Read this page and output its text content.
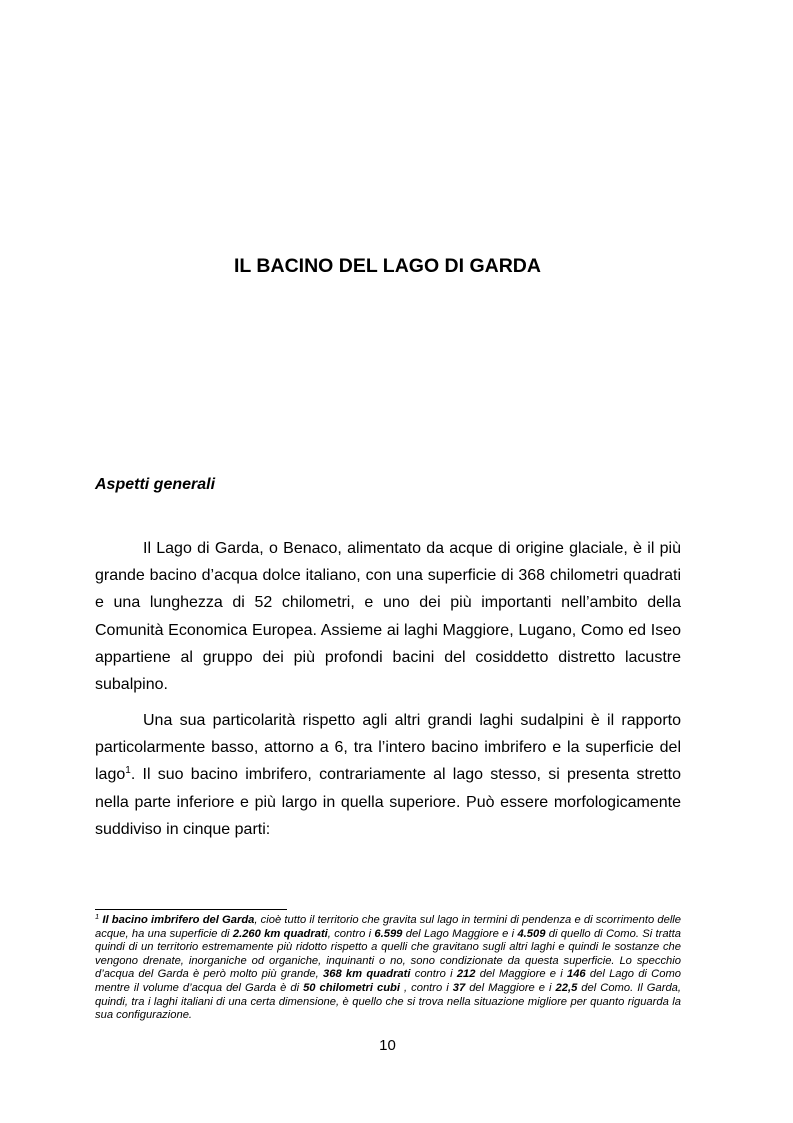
IL BACINO DEL LAGO DI GARDA
Aspetti generali

Il Lago di Garda, o Benaco, alimentato da acque di origine glaciale, è il più grande bacino d’acqua dolce italiano, con una superficie di 368 chilometri quadrati e una lunghezza di 52 chilometri, e uno dei più importanti nell’ambito della Comunità Economica Europea. Assieme ai laghi Maggiore, Lugano, Como ed Iseo appartiene al gruppo dei più profondi bacini del cosiddetto distretto lacustre subalpino.

Una sua particolarità rispetto agli altri grandi laghi sudalpini è il rapporto particolarmente basso, attorno a 6, tra l’intero bacino imbrifero e la superficie del lago$^1$. Il suo bacino imbrifero, contrariamente al lago stesso, si presenta stretto nella parte inferiore e più largo in quella superiore. Può essere morfologicamente suddiviso in cinque parti:

$^1$ Il bacino imbrifero del Garda, cioè tutto il territorio che gravita sul lago in termini di pendenza e di scorrimento delle acque, ha una superficie di 2.260 km quadrati, contro i 6.599 del Lago Maggiore e i 4.509 di quello di Como. Si tratta quindi di un territorio estremamente più ridotto rispetto a quelli che gravitano sugli altri laghi e quindi le sostanze che vengono drenate, inorganiche od organiche, inquinanti o no, sono condizionate da questa superficie. Lo specchio d’acqua del Garda è però molto più grande, 368 km quadrati contro i 212 del Maggiore e i 146 del Lago di Como mentre il volume d’acqua del Garda è di 50 chilometri cubi , contro i 37 del Maggiore e i 22,5 del Como. Il Garda, quindi, tra i laghi italiani di una certa dimensione, è quello che si trova nella situazione migliore per quanto riguarda la sua configurazione.

10
